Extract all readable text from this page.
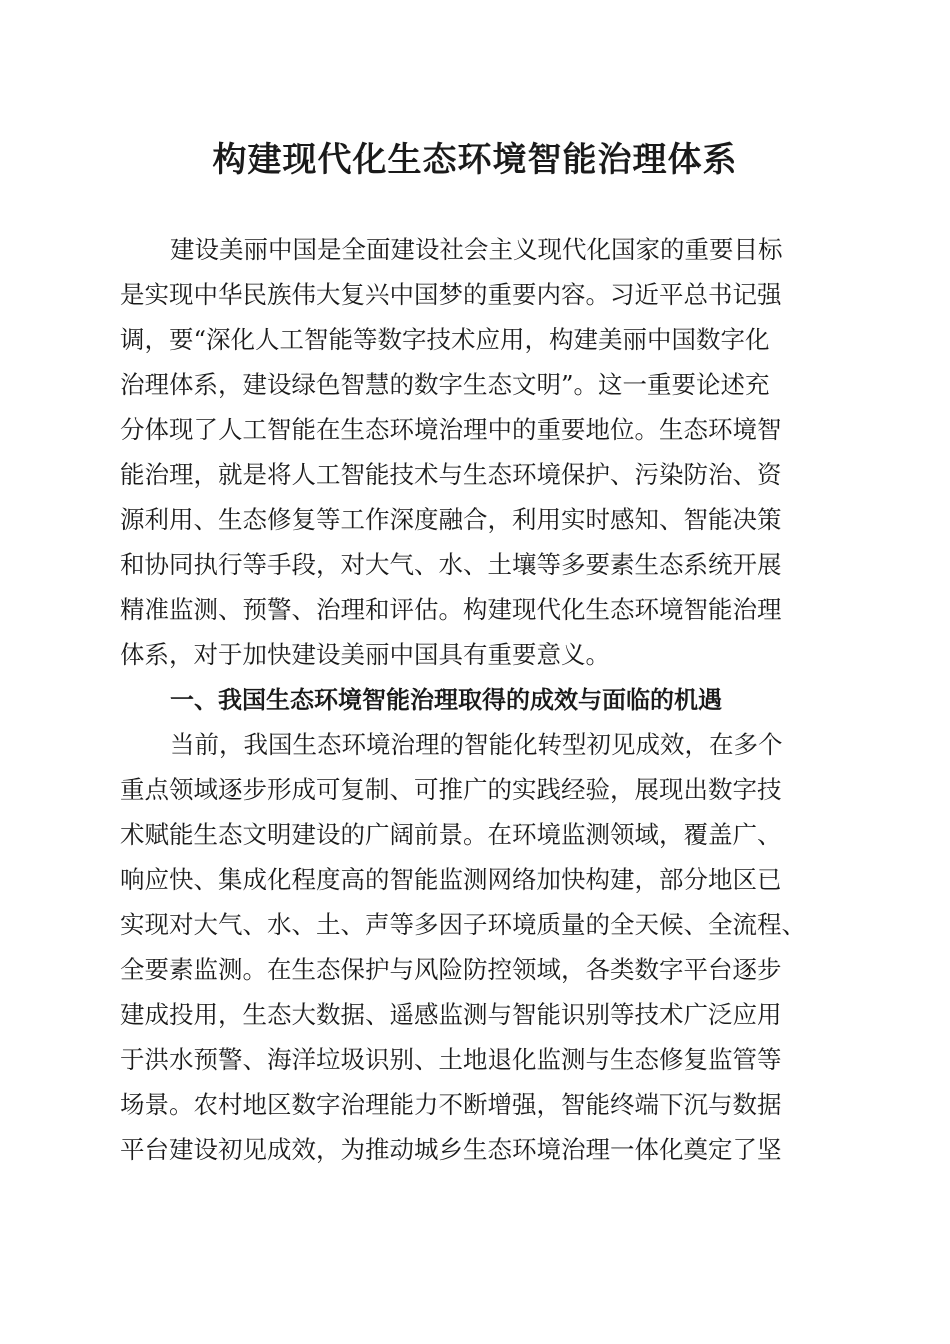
构建现代化生态环境智能治理体系
建设美丽中国是全面建设社会主义现代化国家的重要目标
是实现中华民族伟大复兴中国梦的重要内容。习近平总书记强
调，要“深化人工智能等数字技术应用，构建美丽中国数字化
治理体系，建设绿色智慧的数字生态文明”。这一重要论述充
分体现了人工智能在生态环境治理中的重要地位。生态环境智
能治理，就是将人工智能技术与生态环境保护、污染防治、资
源利用、生态修复等工作深度融合，利用实时感知、智能决策
和协同执行等手段，对大气、水、土壤等多要素生态系统开展
精准监测、预警、治理和评估。构建现代化生态环境智能治理
体系，对于加快建设美丽中国具有重要意义。
一、我国生态环境智能治理取得的成效与面临的机遇
当前，我国生态环境治理的智能化转型初见成效，在多个
重点领域逐步形成可复制、可推广的实践经验，展现出数字技
术赋能生态文明建设的广阔前景。在环境监测领域，覆盖广、
响应快、集成化程度高的智能监测网络加快构建，部分地区已
实现对大气、水、土、声等多因子环境质量的全天候、全流程、
全要素监测。在生态保护与风险防控领域，各类数字平台逐步
建成投用，生态大数据、遥感监测与智能识别等技术广泛应用
于洪水预警、海洋垃圾识别、土地退化监测与生态修复监管等
场景。农村地区数字治理能力不断增强，智能终端下沉与数据
平台建设初见成效，为推动城乡生态环境治理一体化奠定了坚
